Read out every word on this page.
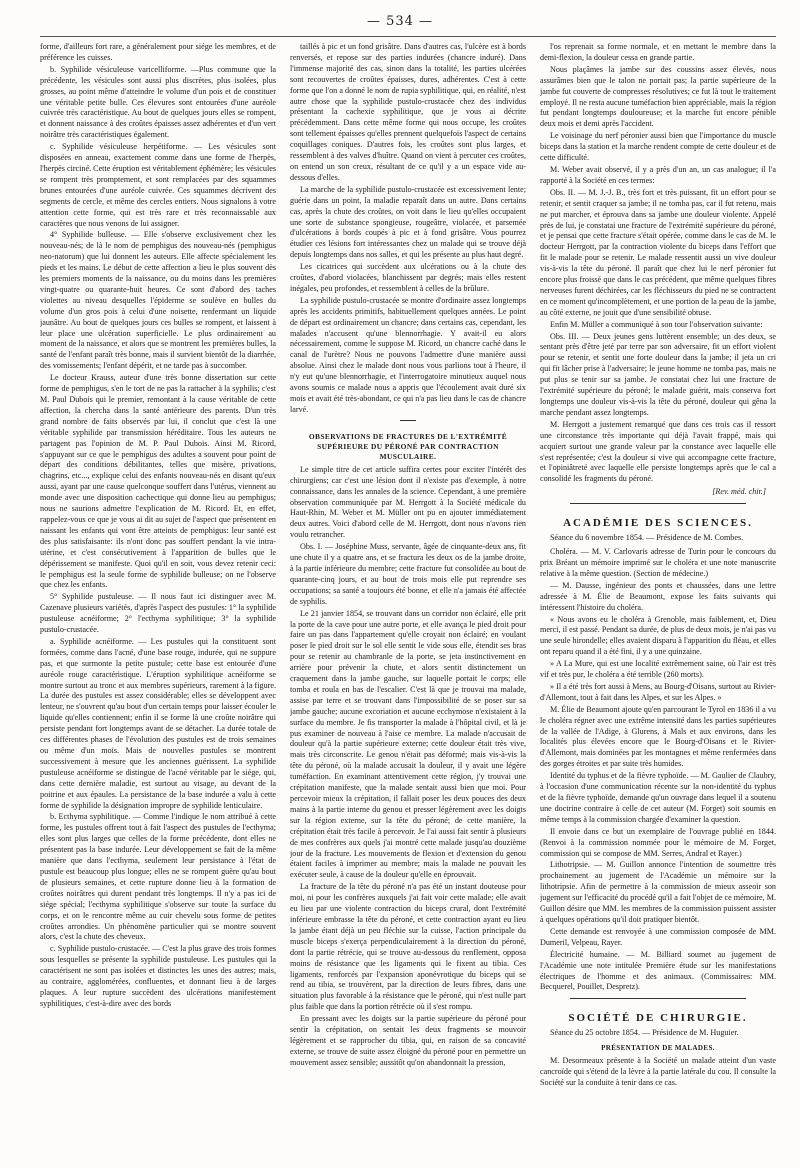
— 534 —

forme, d'ailleurs fort rare, a généralement pour siége les membres, et de préférence les cuisses.

b. Syphilide vésiculeuse varicelliforme. —Plus commune que la précédente, les vésicules sont aussi plus discrètes, plus isolées, plus grosses, au point même d'atteindre le volume d'un pois et de constituer une véritable petite bulle. Ces élevures sont entourées d'une auréole cuivrée très caractéristique. Au bout de quelques jours elles se rompent, et donnent naissance à des croûtes épaisses assez adhérentes et d'un vert noirâtre très caractéristiques également.

c. Syphilide vésiculeuse herpétiforme. — Les vésicules sont disposées en anneau, exactement comme dans une forme de l'herpès, l'herpès circiné. Cette éruption est véritablement éphémère; les vésicules se rompent très promptement, et sont remplacées par des squammes brunes entourées d'une auréole cuivrée. Ces squammes décrivent des segments de cercle, et même des cercles entiers. Nous signalons à votre attention cette forme, qui est très rare et très reconnaissable aux caractères que nous venons de lui assigner.

4° Syphilide bulleuse. — Elle s'observe exclusivement chez les nouveau-nés; de là le nom de pemphigus des nouveau-nés (pemphigus neo-natorum) que lui donnent les auteurs. Elle affecte spécialement les pieds et les mains. Le début de cette affection a lieu le plus souvent dès les premiers moments de la naissance, ou du moins dans les premières vingt-quatre ou quarante-huit heures. Ce sont d'abord des taches violettes au niveau desquelles l'épiderme se soulève en bulles du volume d'un gros pois à celui d'une noisette, renfermant un liquide jaunâtre. Au bout de quelques jours ces bulles se rompent, et laissent à leur place une ulcération superficielle. Le plus ordinairement au moment de la naissance, et alors que se montrent les premières bulles, la santé de l'enfant paraît très bonne, mais il survient bientôt de la diarrhée, des vomissements; l'enfant dépérit, et ne tarde pas à succomber.

Le docteur Krauss, auteur d'une très bonne dissertation sur cette forme de pemphigus, s'en le tort de ne pas la rattacher à la syphilis; c'est M. Paul Dubois qui le premier, remontant à la cause véritable de cette affection, la chercha dans la santé antérieure des parents. D'un très grand nombre de faits observés par lui, il conclut que c'est là une véritable syphilide par transmission héréditaire. Tous les auteurs ne partagent pas l'opinion de M. P. Paul Dubois. Ainsi M. Ricord, s'appuyant sur ce que le pemphigus des adultes a souvent pour point de départ des conditions débilitantes, telles que misère, privations, chagrins, etc..., explique celui des enfants nouveau-nés en disant qu'eux aussi, ayant par une cause quelconque souffert dans l'utérus, viennent au monde avec une disposition cachectique qui donne lieu au pemphigus; nous ne saurions admettre l'explication de M. Ricord. Et, en effet, rappelez-vous ce que je vous ai dit au sujet de l'aspect que présentent en naissant les enfants qui vont être atteints de pemphigus: leur santé est des plus satisfaisante: ils n'ont donc pas souffert pendant la vie intra-utérine, et c'est consécutivement à l'apparition de bulles que le dépérissement se manifeste. Quoi qu'il en soit, vous devez retenir ceci: le pemphigus est la seule forme de syphilide bulleuse; on ne l'observe que chez les enfants.

5° Syphilide pustuleuse. — Il nous faut ici distinguer avec M. Cazenave plusieurs variétés, d'après l'aspect des pustules: 1° la syphilide pustuleuse acnéiforme; 2° l'ecthyma syphilitique; 3° la syphilide pustulo-crustacée.

a. Syphilide acnéiforme. — Les pustules qui la constituent sont formées, comme dans l'acné, d'une base rouge, indurée, qui ne suppure pas, et que surmonte la petite pustule; cette base est entourée d'une auréole rouge caractéristique. L'éruption syphilitique acnéiforme se montre surtout au tronc et aux membres supérieurs, rarement à la figure. La durée des pustules est assez considérable; elles se développent avec lenteur, ne s'ouvrent qu'au bout d'un certain temps pour laisser écouler le liquide qu'elles contiennent; enfin il se forme là une croûte noirâtre qui persiste pendant fort longtemps avant de se détacher. La durée totale de ces différentes phases de l'évolution des pustules est de trois semaines ou même d'un mois. Mais de nouvelles pustules se montrent successivement à mesure que les anciennes guérissent. La syphilide pustuleuse acnéiforme se distingue de l'acné véritable par le siége, qui, dans cette dernière maladie, est surtout au visage, au devant de la poitrine et aux épaules. La persistance de la base indurée a valu à cette forme de syphilide la désignation impropre de syphilide lenticulaire.

b. Ecthyma syphilitique. — Comme l'indique le nom attribué à cette forme, les pustules offrent tout à fait l'aspect des pustules de l'ecthyma; elles sont plus larges que celles de la forme précédente, dont elles ne présentent pas la base indurée. Leur développement se fait de la même manière que dans l'ecthyma, seulement leur persistance à l'état de pustule est beaucoup plus longue; elles ne se rompent guère qu'au bout de plusieurs semaines, et cette rupture donne lieu à la formation de croûtes noirâtres qui durent pendant très longtemps. Il n'y a pas ici de siége spécial; l'ecthyma syphilitique s'observe sur toute la surface du corps, et on le rencontre même au cuir chevelu sous forme de petites croûtes arrondies. Un phénomène particulier qui se montre souvent alors, c'est la chute des cheveux.

c. Syphilide pustulo-crustacée. — C'est la plus grave des trois formes sous lesquelles se présente la syphilide pustuleuse. Les pustules qui la caractérisent ne sont pas isolées et distinctes les unes des autres; mais, au contraire, agglomérées, confluentes, et donnant lieu à de larges plaques. A leur rupture succèdent des ulcérations manifestement syphilitiques, c'est-à-dire avec des bords

taillés à pic et un fond grisâtre. Dans d'autres cas, l'ulcère est à bords renversés, et repose sur des parties indurées (chancre induré). Dans l'immense majorité des cas, sinon dans la totalité, les parties ulcérées sont recouvertes de croûtes épaisses, dures, adhérentes. C'est à cette forme que l'on a donné le nom de rupia syphilitique, qui, en réalité, n'est autre chose que la syphilide pustulo-crustacée chez des individus présentant la cachexie syphilitique, que je vous ai décrite précédemment. Dans cette même forme qui nous occupe, les croûtes sont tellement épaisses qu'elles prennent quelquefois l'aspect de certains coquillages coniques. D'autres fois, les croûtes sont plus larges, et ressemblent à des valves d'huître. Quand on vient à percuter ces croûtes, on entend un son creux, résultant de ce qu'il y a un espace vide au-dessous d'elles.

La marche de la syphilide pustulo-crustacée est excessivement lente; guérie dans un point, la maladie reparaît dans un autre. Dans certains cas, après la chute des croûtes, on voit dans le lieu qu'elles occupaient une sorte de substance spongieuse, rougeâtre, violacée, et parsemée d'ulcérations à bords coupés à pic et à fond grisâtre. Vous pourrez étudier ces lésions fort intéressantes chez un malade qui se trouve déjà depuis longtemps dans nos salles, et qui les présente au plus haut degré.

Les cicatrices qui succèdent aux ulcérations ou à la chute des croûtes, d'abord violacées, blanchissent par degrés; mais elles restent inégales, peu profondes, et ressemblent à celles de la brûlure.

La syphilide pustulo-crustacée se montre d'ordinaire assez longtemps après les accidents primitifs, habituellement quelques années. Le point de départ est ordinairement un chancre; dans certains cas, cependant, les malades n'accusent qu'une blennorrhagie. Y avait-il eu alors nécessairement, comme le suppose M. Ricord, un chancre caché dans le canal de l'urètre? Nous ne pouvons l'admettre d'une manière aussi absolue. Ainsi chez le malade dont nous vous parlions tout à l'heure, il n'y eut qu'une blennorrhagie, et l'interrogatoire minutieux auquel nous avons soumis ce malade nous a appris que l'écoulement avait duré six mois et avait été très-abondant, ce qui n'a pas lieu dans le cas de chancre larvé.

OBSERVATIONS DE FRACTURES DE L'EXTRÉMITÉ SUPÉRIEURE DU PÉRONÉ PAR CONTRACTION MUSCULAIRE.

Le simple titre de cet article suffira certes pour exciter l'intérêt des chirurgiens; car c'est une lésion dont il n'existe pas d'exemple, à notre connaissance, dans les annales de la science. Cependant, à une première observation communiquée par M. Herrgott à la Société médicale du Haut-Rhin, M. Weber et M. Müller ont pu en ajouter immédiatement deux autres. Voici d'abord celle de M. Herrgott, dont nous n'avons rien voulu retrancher.

Obs. I. — Joséphine Muss, servante, âgée de cinquante-deux ans, fit une chute il y a quatre ans, et se fractura les deux os de la jambe droite, à la partie inférieure du membre; cette fracture fut consolidée au bout de quarante-cinq jours, et au bout de trois mois elle put reprendre ses occupations; sa santé a toujours été bonne, et elle n'a jamais été affectée de syphilis.

Le 21 janvier 1854, se trouvant dans un corridor non éclairé, elle prit la porte de la cave pour une autre porte, et elle avança le pied droit pour faire un pas dans l'appartement qu'elle croyait non éclairé; en voulant poser le pied droit sur le sol elle sentit le vide sous elle, étendit ses bras pour se retenir au chambranle de la porte, se jeta instinctivement en arrière pour prévenir la chute, et alors sentit distinctement un craquement dans la jambe gauche, sur laquelle portait le corps; elle tomba et roula en bas de l'escalier. C'est là que je trouvai ma malade, assise par terre et se trouvant dans l'impossibilité de se poser sur sa jambe gauche; aucune excoriation et aucune ecchymose n'existaient à la surface du membre. Je fis transporter la malade à l'hôpital civil, et là je pus examiner de nouveau à l'aise ce membre. La malade n'accusait de douleur qu'à la partie supérieure externe; cette douleur était très vive, mais très circonscrite. Le genou n'était pas déformé; mais vis-à-vis la tête du péroné, où la malade accusait la douleur, il y avait une légère tuméfaction. En examinant attentivement cette région, j'y trouvai une crépitation manifeste, que la malade sentait aussi bien que moi. Pour percevoir mieux la crépitation, il fallait poser les deux pouces des deux mains à la partie interne du genou et presser légèrement avec les doigts sur la région externe, sur la tête du péroné; de cette manière, la crépitation était très facile à percevoir. Je l'ai aussi fait sentir à plusieurs de mes confrères aux quels j'ai montré cette malade jusqu'au douzième jour de la fracture. Les mouvements de flexion et d'extension du genou étaient faciles à imprimer au membre; mais la malade ne pouvait les exécuter seule, à cause de la douleur qu'elle en éprouvait.

La fracture de la tête du péroné n'a pas été un instant douteuse pour moi, ni pour les confrères auxquels j'ai fait voir cette malade; elle avait eu lieu par une violente contraction du biceps crural, dont l'extrémité inférieure embrasse la tête du péroné, et cette contraction ayant eu lieu la jambe étant déjà un peu fléchie sur la cuisse, l'action principale du muscle biceps s'exerça perpendiculairement à la direction du péroné, dont la partie rétrécie, qui se trouve au-dessous du renflement, opposa moins de résistance que les ligaments qui le fixent au tibia. Ces ligaments, renforcés par l'expansion aponévrotique du biceps qui se rend au tibia, se trouvèrent, par la direction de leurs fibres, dans une situation plus favorable à la résistance que le péroné, qui n'est nulle part plus faible que dans la portion rétrécie où il s'est rompu.

En pressant avec les doigts sur la partie supérieure du péroné pour sentir la crépitation, on sentait les deux fragments se mouvoir légèrement et se rapprocher du tibia, qui, en raison de sa concavité externe, se trouve de suite assez éloigné du péroné pour en permettre un mouvement assez sensible; aussitôt qu'on abandonnait la pression,

l'os reprenait sa forme normale, et en mettant le membre dans la demi-flexion, la douleur cessa en grande partie.

Nous plaçâmes la jambe sur des coussins assez élevés, nous assurâmes bien que le talon ne portait pas; la partie supérieure de la jambe fut couverte de compresses résolutives; ce fut là tout le traitement employé. Il ne resta aucune tuméfaction bien appréciable, mais la région fut pendant longtemps douloureuse; et la marche fut encore pénible deux mois et demi après l'accident.

Le voisinage du nerf péronier aussi bien que l'importance du muscle biceps dans la station et la marche rendent compte de cette douleur et de cette difficulté.

M. Weber avait observé, il y a près d'un an, un cas analogue; il l'a rapporté à la Société en ces termes:

Obs. II. — M. J.-J. B., très fort et très puissant, fit un effort pour se retenir, et sentit craquer sa jambe; il ne tomba pas, car il fut retenu, mais ne put marcher, et éprouva dans sa jambe une douleur violente. Appelé près de lui, je constatai une fracture de l'extrémité supérieure du péroné, et je pensai que cette fracture s'était opérée, comme dans le cas de M. le docteur Herrgott, par la contraction violente du biceps dans l'effort que fit le malade pour se retenir. Le malade ressentit aussi un vive douleur vis-à-vis la tête du péroné. Il paraît que chez lui le nerf péronier fut encore plus froissé que dans le cas précédent, que même quelques fibres nerveuses furent déchirées, car les fléchisseurs du pied ne se contractent en ce moment qu'incomplètement, et une portion de la peau de la jambe, au côté externe, ne jouit que d'une sensibilité obtuse.

Enfin M. Müller a communiqué à son tour l'observation suivante:

Obs. III. — Deux jeunes gens luttèrent ensemble; un des deux, se sentant près d'être jeté par terre par son adversaire, fit un effort violent pour se retenir, et sentit une forte douleur dans la jambe; il jeta un cri qui fit lâcher prise à l'adversaire; le jeune homme ne tomba pas, mais ne put plus se tenir sur sa jambe. Je constatai chez lui une fracture de l'extrémité supérieure du péroné; le malade guérit, mais conserva fort longtemps une douleur vis-à-vis la tête du péroné, douleur qui gêna la marche pendant assez longtemps.

M. Herrgott a justement remarqué que dans ces trois cas il ressort une circonstance très importante qui déjà l'avait frappé, mais qui acquiert surtout une grande valeur par la constance avec laquelle elle s'est représentée; c'est la douleur si vive qui accompagne cette fracture, et l'opiniâtreté avec laquelle elle persiste longtemps après que le cal a consolidé les fragments du péroné.

[Rev. méd. chir.]
ACADÉMIE DES SCIENCES.

Séance du 6 novembre 1854. — Présidence de M. Combes.

Choléra. — M. V. Carlovaris adresse de Turin pour le concours du prix Bréant un mémoire imprimé sur le choléra et une note manuscrite relative à la même question. (Section de médecine.)

— M. Dausse, ingénieur des ponts et chaussées, dans une lettre adressée à M. Élie de Beaumont, expose les faits suivants qui intéressent l'histoire du choléra.

« Nous avons eu le choléra à Grenoble, mais faiblement, et, Dieu merci, il est passé. Pendant sa durée, de plus de deux mois, je n'ai pas vu une seule hirondelle; elles avaient disparu à l'apparition du fléau, et elles ont reparu quand il a été fini, il y a une quinzaine.

» A La Mure, qui est une localité extrêmement saine, où l'air est très vif et très pur, le choléra a été terrible (260 morts).

» Il a été très fort aussi à Mens, au Bourg-d'Oisans, surtout au Rivier-d'Allemont, tout à fait dans les Alpes, et sur les Alpes. »

M. Élie de Beaumont ajoute qu'en parcourant le Tyrol en 1836 il a vu le choléra régner avec une extrême intensité dans les parties supérieures de la vallée de l'Adige, à Glurens, à Mals et aux environs, dans les localités plus élevées encore que le Bourg-d'Oisans et le Rivier-d'Allemont, mais dominées par les montagnes et même renfermées dans des gorges étroites et par suite très humides.

Identité du typhus et de la fièvre typhoïde. — M. Gaulier de Claubry, à l'occasion d'une communication récente sur la non-identité du typhus et de la fièvre typhoïde, demande qu'un ouvrage dans lequel il a soutenu une doctrine contraire à celle de cet auteur (M. Forget) soit soumis en même temps à la commission chargée d'examiner la question.

Il envoie dans ce but un exemplaire de l'ouvrage publié en 1844. (Renvoi à la commission nommée pour le mémoire de M. Forget, commission qui se compose de MM. Serres, Andral et Rayer.)

Lithotripsie. — M. Guillon annonce l'intention de soumettre très prochainement au jugement de l'Académie un mémoire sur la lithotripsie. Afin de permettre à la commission de mieux asseoir son jugement sur l'efficacité du procédé qu'il a fait l'objet de ce mémoire, M. Guillon désire que MM. les membres de la commission puissent assister à quelques opérations qu'il doit pratiquer bientôt.

Cette demande est renvoyée à une commission composée de MM. Dumeril, Velpeau, Rayer.

Électricité humaine. — M. Billiard soumet au jugement de l'Académie une note intitulée Première étude sur les manifestations électriques de l'homme et des animaux. (Commissaires: MM. Becquerel, Pouillet, Despretz).

SOCIÉTÉ DE CHIRURGIE.

Séance du 25 octobre 1854. — Présidence de M. Huguier.

PRÉSENTATION DE MALADES.

M. Desormeaux présente à la Société un malade atteint d'un vaste cancroïde qui s'étend de la lèvre à la partie latérale du cou. Il consulte la Société sur la conduite à tenir dans ce cas.
